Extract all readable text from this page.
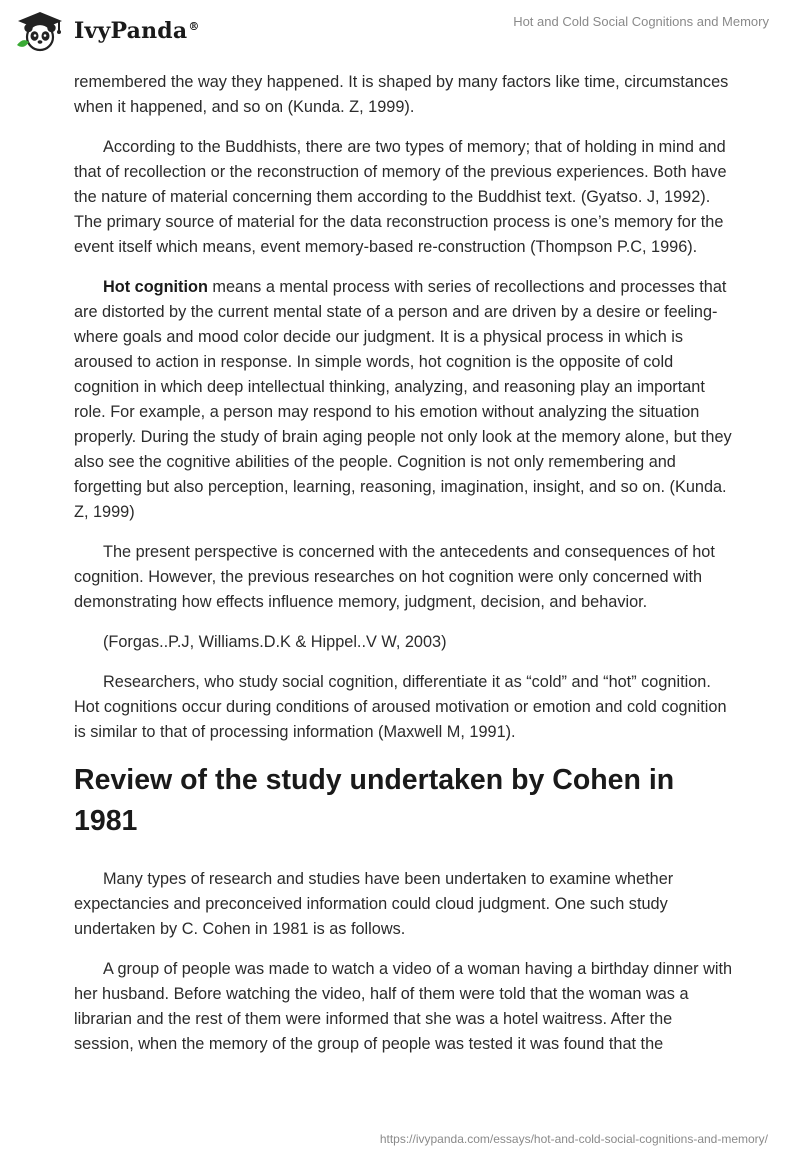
IvyPanda®	Hot and Cold Social Cognitions and Memory

remembered the way they happened. It is shaped by many factors like time, circumstances when it happened, and so on (Kunda. Z, 1999).

According to the Buddhists, there are two types of memory; that of holding in mind and that of recollection or the reconstruction of memory of the previous experiences. Both have the nature of material concerning them according to the Buddhist text. (Gyatso. J, 1992). The primary source of material for the data reconstruction process is one’s memory for the event itself which means, event memory-based re-construction (Thompson P.C, 1996).

Hot cognition means a mental process with series of recollections and processes that are distorted by the current mental state of a person and are driven by a desire or feeling- where goals and mood color decide our judgment. It is a physical process in which is aroused to action in response. In simple words, hot cognition is the opposite of cold cognition in which deep intellectual thinking, analyzing, and reasoning play an important role. For example, a person may respond to his emotion without analyzing the situation properly. During the study of brain aging people not only look at the memory alone, but they also see the cognitive abilities of the people. Cognition is not only remembering and forgetting but also perception, learning, reasoning, imagination, insight, and so on. (Kunda. Z, 1999)

The present perspective is concerned with the antecedents and consequences of hot cognition. However, the previous researches on hot cognition were only concerned with demonstrating how effects influence memory, judgment, decision, and behavior.

(Forgas..P.J, Williams.D.K & Hippel..V W, 2003)

Researchers, who study social cognition, differentiate it as “cold” and “hot” cognition. Hot cognitions occur during conditions of aroused motivation or emotion and cold cognition is similar to that of processing information (Maxwell M, 1991).

Review of the study undertaken by Cohen in 1981

Many types of research and studies have been undertaken to examine whether expectancies and preconceived information could cloud judgment. One such study undertaken by C. Cohen in 1981 is as follows.

A group of people was made to watch a video of a woman having a birthday dinner with her husband. Before watching the video, half of them were told that the woman was a librarian and the rest of them were informed that she was a hotel waitress. After the session, when the memory of the group of people was tested it was found that the

https://ivypanda.com/essays/hot-and-cold-social-cognitions-and-memory/
